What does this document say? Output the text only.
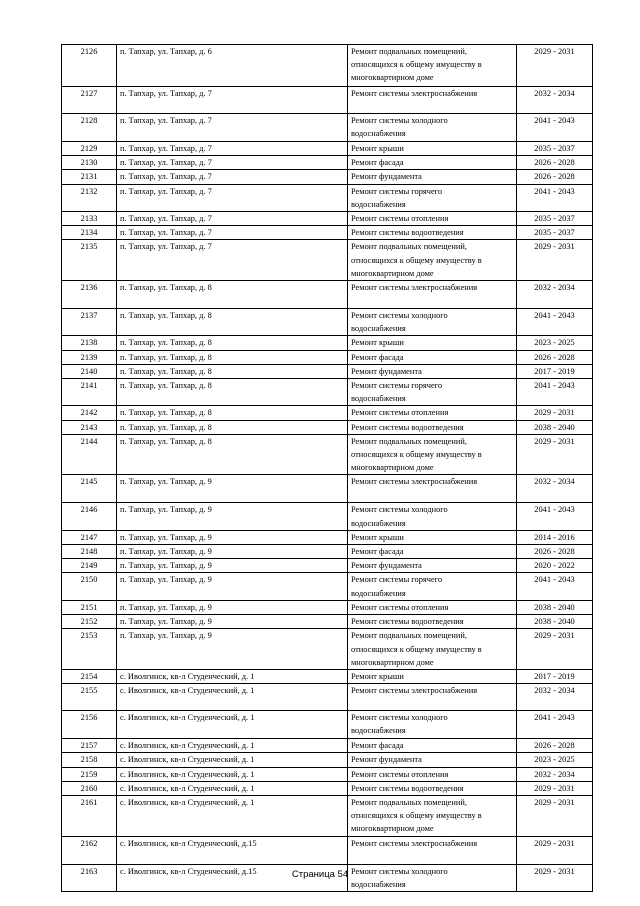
2126	п. Тапхар, ул. Тапхар, д. 6	Ремонт подвальных помещений,
относящихся к общему имуществу в
многоквартирном доме	2029 - 2031
2127	п. Тапхар, ул. Тапхар, д. 7	Ремонт системы электроснабжения	2032 - 2034
2128	п. Тапхар, ул. Тапхар, д. 7	Ремонт системы холодного
водоснабжения	2041 - 2043
2129	п. Тапхар, ул. Тапхар, д. 7	Ремонт крыши	2035 - 2037
2130	п. Тапхар, ул. Тапхар, д. 7	Ремонт фасада	2026 - 2028
2131	п. Тапхар, ул. Тапхар, д. 7	Ремонт фундамента	2026 - 2028
2132	п. Тапхар, ул. Тапхар, д. 7	Ремонт системы горячего
водоснабжения	2041 - 2043
2133	п. Тапхар, ул. Тапхар, д. 7	Ремонт системы отопления	2035 - 2037
2134	п. Тапхар, ул. Тапхар, д. 7	Ремонт системы водоотведения	2035 - 2037
2135	п. Тапхар, ул. Тапхар, д. 7	Ремонт подвальных помещений,
относящихся к общему имуществу в
многоквартирном доме	2029 - 2031
2136	п. Тапхар, ул. Тапхар, д. 8	Ремонт системы электроснабжения	2032 - 2034
2137	п. Тапхар, ул. Тапхар, д. 8	Ремонт системы холодного
водоснабжения	2041 - 2043
2138	п. Тапхар, ул. Тапхар, д. 8	Ремонт крыши	2023 - 2025
2139	п. Тапхар, ул. Тапхар, д. 8	Ремонт фасада	2026 - 2028
2140	п. Тапхар, ул. Тапхар, д. 8	Ремонт фундамента	2017 - 2019
2141	п. Тапхар, ул. Тапхар, д. 8	Ремонт системы горячего
водоснабжения	2041 - 2043
2142	п. Тапхар, ул. Тапхар, д. 8	Ремонт системы отопления	2029 - 2031
2143	п. Тапхар, ул. Тапхар, д. 8	Ремонт системы водоотведения	2038 - 2040
2144	п. Тапхар, ул. Тапхар, д. 8	Ремонт подвальных помещений,
относящихся к общему имуществу в
многоквартирном доме	2029 - 2031
2145	п. Тапхар, ул. Тапхар, д. 9	Ремонт системы электроснабжения	2032 - 2034
2146	п. Тапхар, ул. Тапхар, д. 9	Ремонт системы холодного
водоснабжения	2041 - 2043
2147	п. Тапхар, ул. Тапхар, д. 9	Ремонт крыши	2014 - 2016
2148	п. Тапхар, ул. Тапхар, д. 9	Ремонт фасада	2026 - 2028
2149	п. Тапхар, ул. Тапхар, д. 9	Ремонт фундамента	2020 - 2022
2150	п. Тапхар, ул. Тапхар, д. 9	Ремонт системы горячего
водоснабжения	2041 - 2043
2151	п. Тапхар, ул. Тапхар, д. 9	Ремонт системы отопления	2038 - 2040
2152	п. Тапхар, ул. Тапхар, д. 9	Ремонт системы водоотведения	2038 - 2040
2153	п. Тапхар, ул. Тапхар, д. 9	Ремонт подвальных помещений,
относящихся к общему имуществу в
многоквартирном доме	2029 - 2031
2154	с. Иволгинск, кв-л Студенческий, д. 1	Ремонт крыши	2017 - 2019
2155	с. Иволгинск, кв-л Студенческий, д. 1	Ремонт системы электроснабжения	2032 - 2034
2156	с. Иволгинск, кв-л Студенческий, д. 1	Ремонт системы холодного
водоснабжения	2041 - 2043
2157	с. Иволгинск, кв-л Студенческий, д. 1	Ремонт фасада	2026 - 2028
2158	с. Иволгинск, кв-л Студенческий, д. 1	Ремонт фундамента	2023 - 2025
2159	с. Иволгинск, кв-л Студенческий, д. 1	Ремонт системы отопления	2032 - 2034
2160	с. Иволгинск, кв-л Студенческий, д. 1	Ремонт системы водоотведения	2029 - 2031
2161	с. Иволгинск, кв-л Студенческий, д. 1	Ремонт подвальных помещений,
относящихся к общему имуществу в
многоквартирном доме	2029 - 2031
2162	с. Иволгинск, кв-л Студенческий, д.15	Ремонт системы электроснабжения	2029 - 2031
2163	с. Иволгинск, кв-л Студенческий, д.15	Ремонт системы холодного
водоснабжения	2029 - 2031
Страница 54
